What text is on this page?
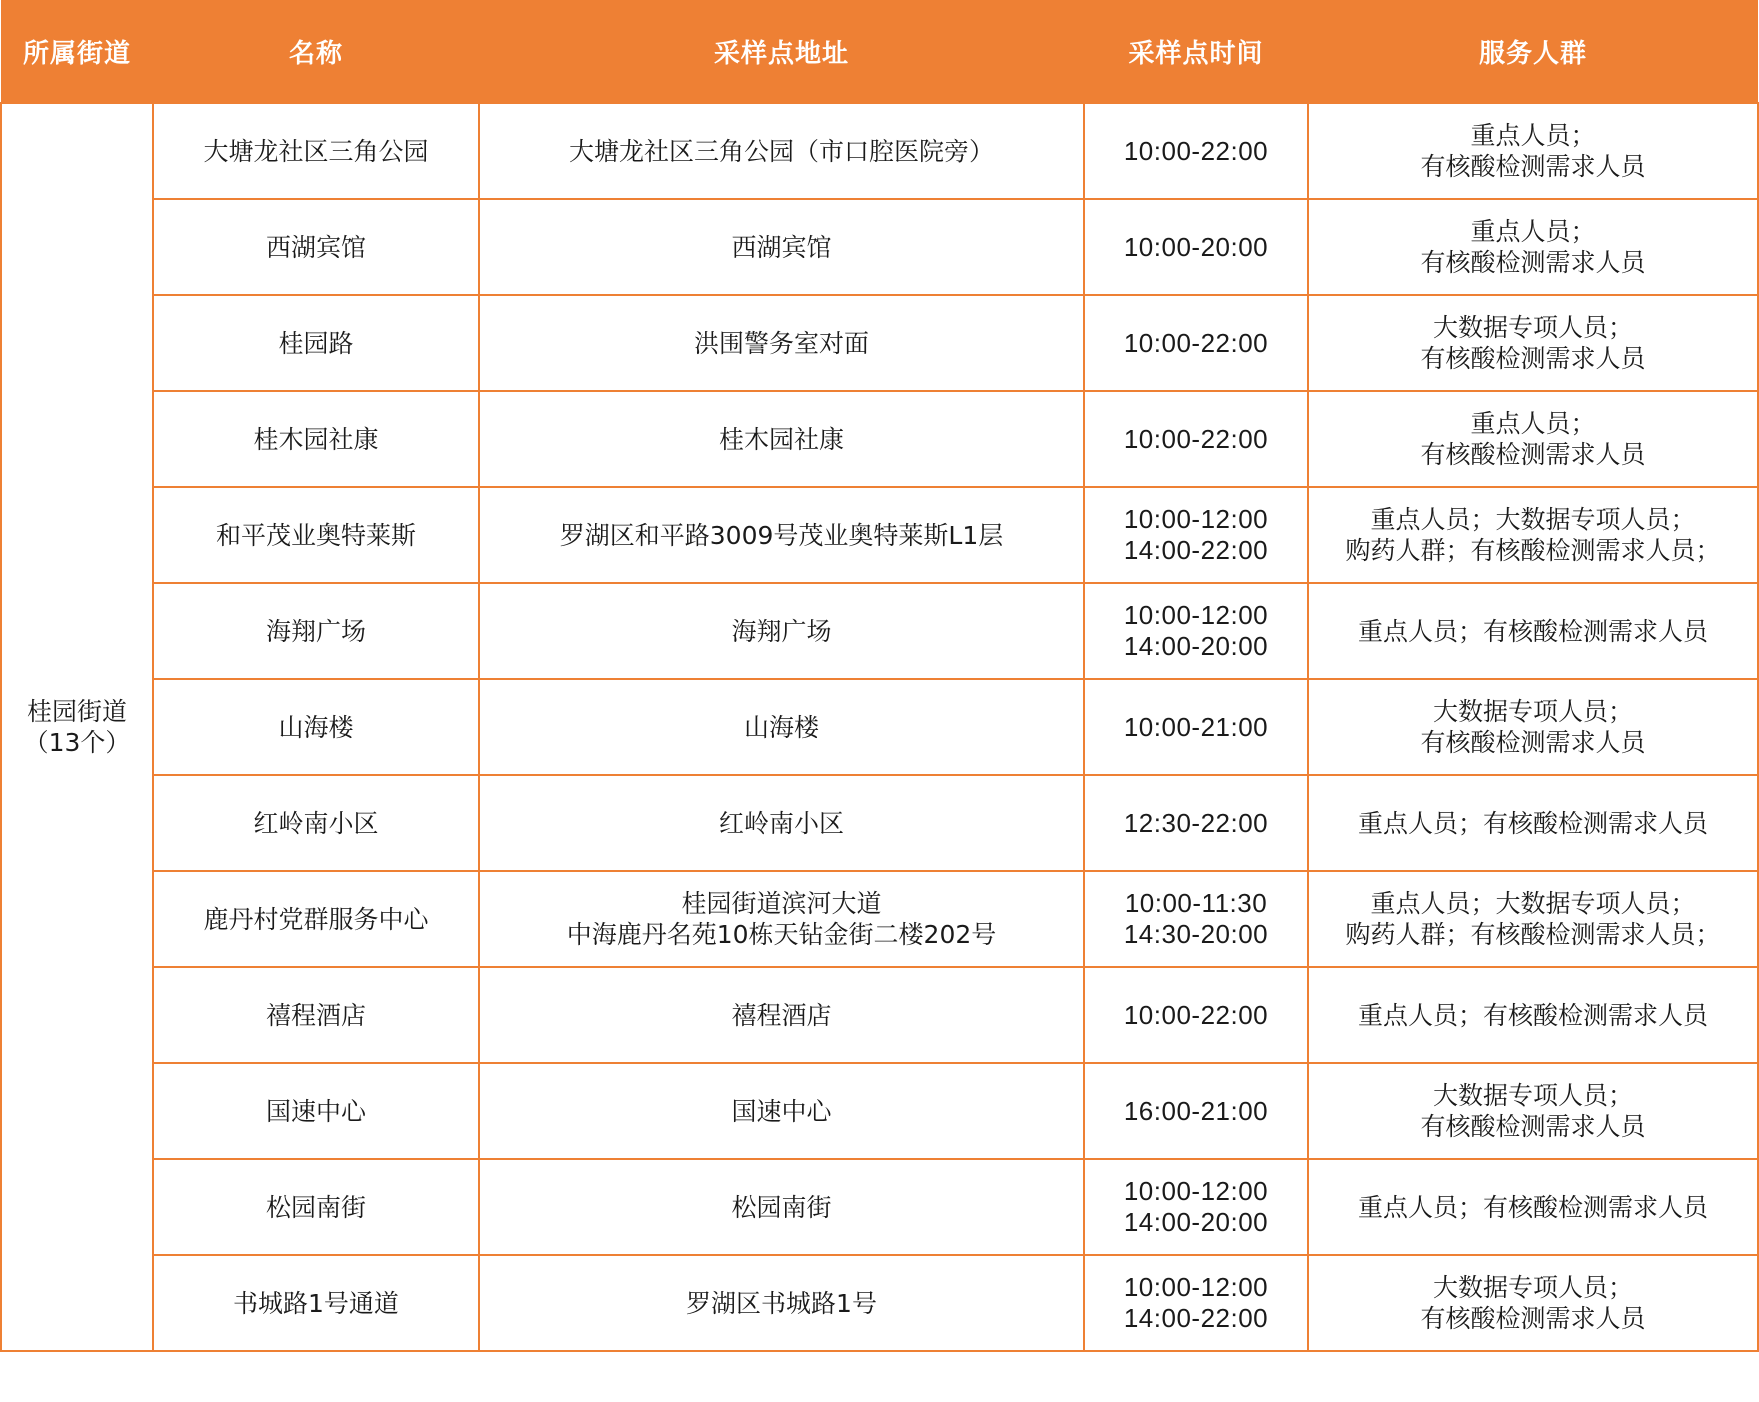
所属街道	名称	采样点地址	采样点时间	服务人群

桂园街道
（13个）	大塘龙社区三角公园	大塘龙社区三角公园（市口腔医院旁）	10:00-22:00	重点人员；
有核酸检测需求人员

	西湖宾馆	西湖宾馆	10:00-20:00	重点人员；
有核酸检测需求人员

	桂园路	洪围警务室对面	10:00-22:00	大数据专项人员；
有核酸检测需求人员

	桂木园社康	桂木园社康	10:00-22:00	重点人员；
有核酸检测需求人员

	和平茂业奥特莱斯	罗湖区和平路3009号茂业奥特莱斯L1层	10:00-12:00
14:00-22:00	重点人员；大数据专项人员；
购药人群；有核酸检测需求人员；

	海翔广场	海翔广场	10:00-12:00
14:00-20:00	重点人员；有核酸检测需求人员

	山海楼	山海楼	10:00-21:00	大数据专项人员；
有核酸检测需求人员

	红岭南小区	红岭南小区	12:30-22:00	重点人员；有核酸检测需求人员

	鹿丹村党群服务中心	桂园街道滨河大道
中海鹿丹名苑10栋天钻金街二楼202号	10:00-11:30
14:30-20:00	重点人员；大数据专项人员；
购药人群；有核酸检测需求人员；

	禧程酒店	禧程酒店	10:00-22:00	重点人员；有核酸检测需求人员

	国速中心	国速中心	16:00-21:00	大数据专项人员；
有核酸检测需求人员

	松园南街	松园南街	10:00-12:00
14:00-20:00	重点人员；有核酸检测需求人员

	书城路1号通道	罗湖区书城路1号	10:00-12:00
14:00-22:00	大数据专项人员；
有核酸检测需求人员
